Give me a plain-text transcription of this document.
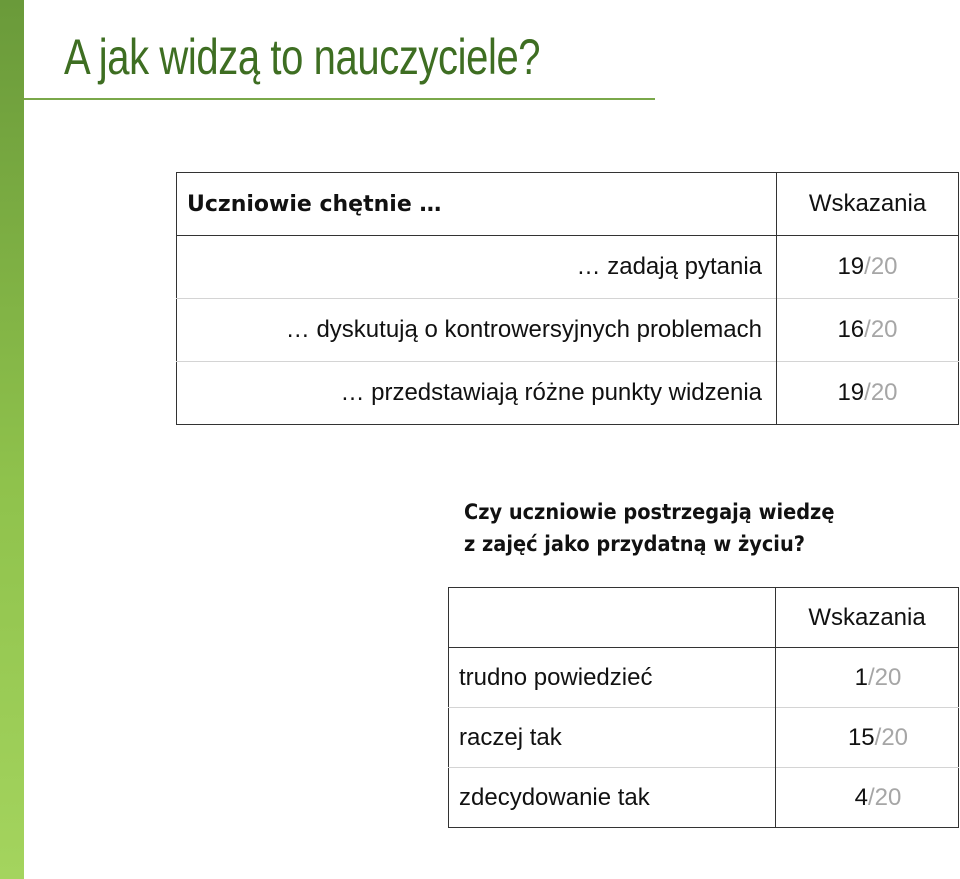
A jak widzą to nauczyciele?
Uczniowie chętnie …	Wskazania
… zadają pytania	19/20
… dyskutują o kontrowersyjnych problemach	16/20
… przedstawiają różne punkty widzenia	19/20

Czy uczniowie postrzegają wiedzę
z zajęć jako przydatną w życiu?

	Wskazania
trudno powiedzieć	1/20
raczej tak	15/20
zdecydowanie tak	4/20
